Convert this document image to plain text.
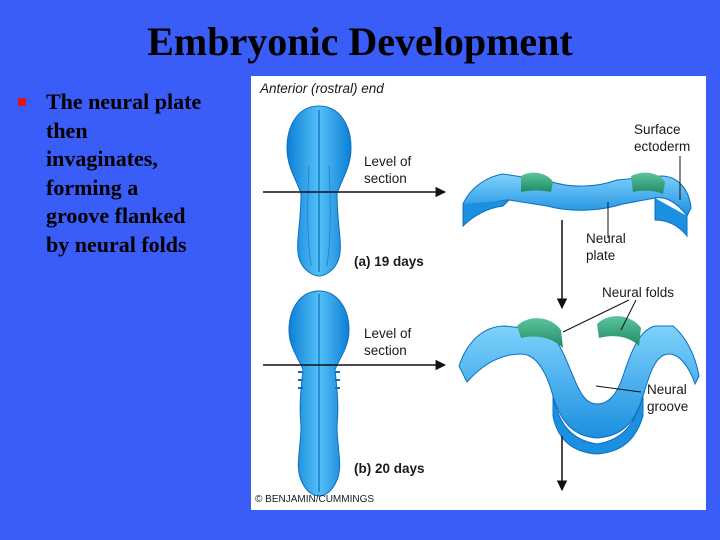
Embryonic Development
The neural plate
then
invaginates,
forming a
groove flanked
by neural folds
Anterior (rostral) end
Level of
section
Level of
section
(a) 19 days
(b) 20 days
Surface
ectoderm
Neural
plate
Neural folds
Neural
groove
© BENJAMIN/CUMMINGS
